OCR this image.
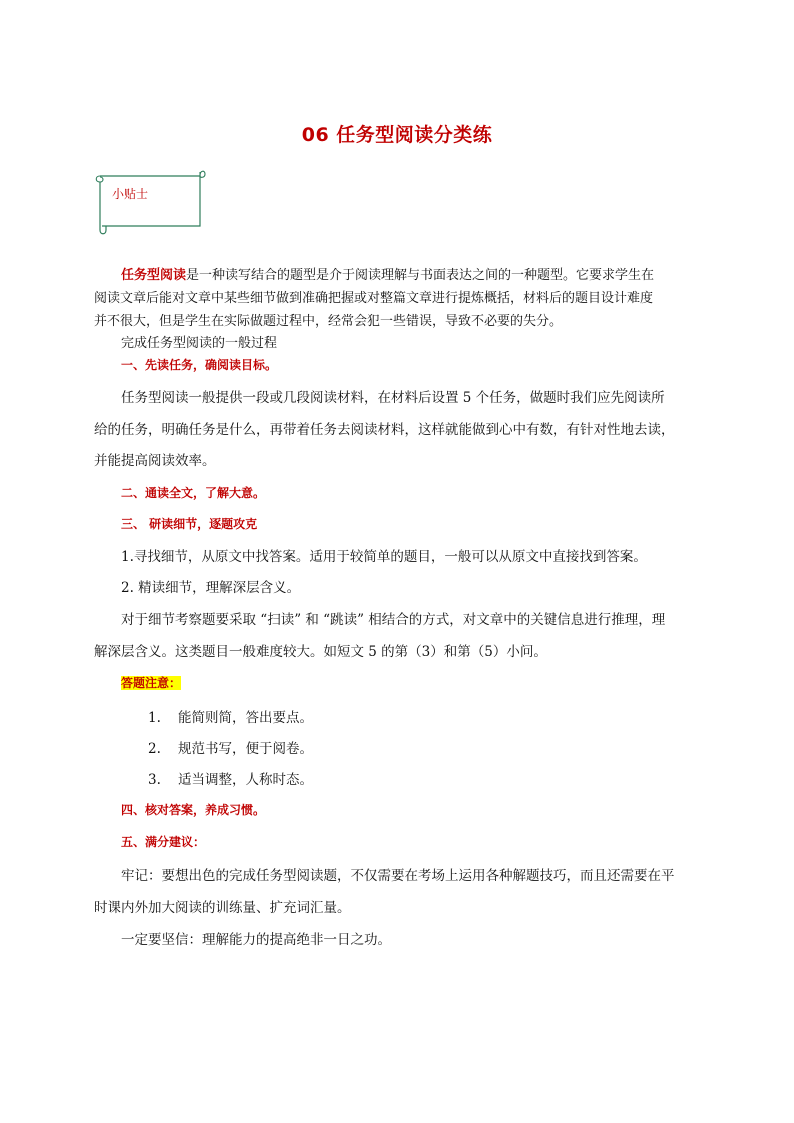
06 任务型阅读分类练
小贴士
任务型阅读是一种读写结合的题型是介于阅读理解与书面表达之间的一种题型。它要求学生在
阅读文章后能对文章中某些细节做到准确把握或对整篇文章进行提炼概括，材料后的题目设计难度
并不很大，但是学生在实际做题过程中，经常会犯一些错误，导致不必要的失分。
完成任务型阅读的一般过程
一、先读任务，确阅读目标。
任务型阅读一般提供一段或几段阅读材料，在材料后设置 5 个任务，做题时我们应先阅读所
给的任务，明确任务是什么，再带着任务去阅读材料，这样就能做到心中有数，有针对性地去读，
并能提高阅读效率。
二、通读全文，了解大意。
三、 研读细节，逐题攻克
1.寻找细节，从原文中找答案。适用于较简单的题目，一般可以从原文中直接找到答案。
2. 精读细节，理解深层含义。
对于细节考察题要采取 “扫读” 和 “跳读” 相结合的方式，对文章中的关键信息进行推理，理
解深层含义。这类题目一般难度较大。如短文 5 的第（3）和第（5）小问。
答题注意：
1. 能简则简，答出要点。
2. 规范书写，便于阅卷。
3. 适当调整，人称时态。
四、核对答案，养成习惯。
五、满分建议：
牢记：要想出色的完成任务型阅读题，不仅需要在考场上运用各种解题技巧，而且还需要在平
时课内外加大阅读的训练量、扩充词汇量。
一定要坚信：理解能力的提高绝非一日之功。
